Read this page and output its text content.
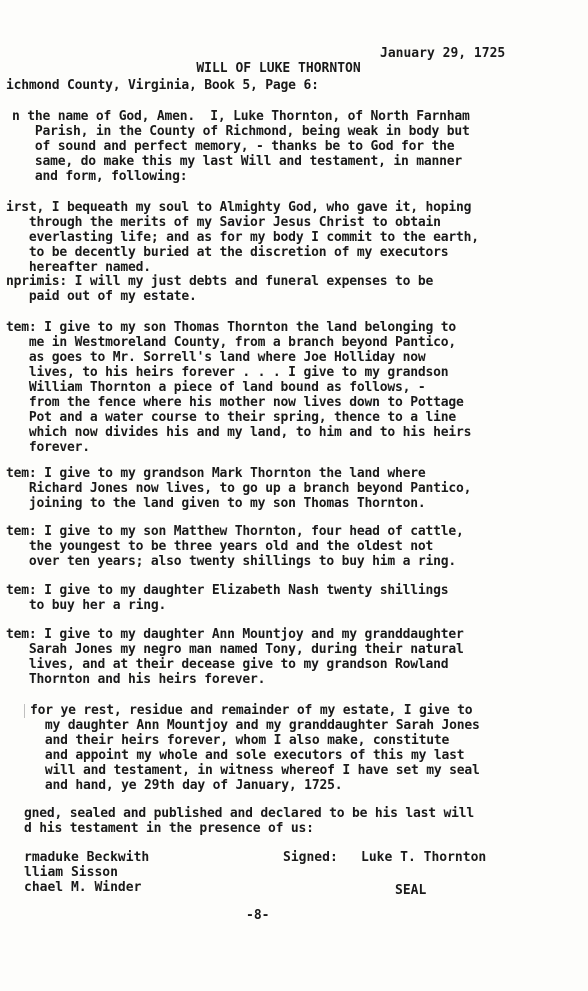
WILL OF LUKE THORNTON

January 29, 1725

ichmond County, Virginia, Book 5, Page 6:
n the name of God, Amen.  I, Luke Thornton, of North Farnham
Parish, in the County of Richmond, being weak in body but
of sound and perfect memory, - thanks be to God for the
same, do make this my last Will and testament, in manner
and form, following:
irst, I bequeath my soul to Almighty God, who gave it, hoping
through the merits of my Savior Jesus Christ to obtain
everlasting life; and as for my body I commit to the earth,
to be decently buried at the discretion of my executors
hereafter named.
nprimis: I will my just debts and funeral expenses to be
paid out of my estate.
tem: I give to my son Thomas Thornton the land belonging to
me in Westmoreland County, from a branch beyond Pantico,
as goes to Mr. Sorrell's land where Joe Holliday now
lives, to his heirs forever . . . I give to my grandson
William Thornton a piece of land bound as follows, -
from the fence where his mother now lives down to Pottage
Pot and a water course to their spring, thence to a line
which now divides his and my land, to him and to his heirs
forever.
tem: I give to my grandson Mark Thornton the land where
Richard Jones now lives, to go up a branch beyond Pantico,
joining to the land given to my son Thomas Thornton.
tem: I give to my son Matthew Thornton, four head of cattle,
the youngest to be three years old and the oldest not
over ten years; also twenty shillings to buy him a ring.
tem: I give to my daughter Elizabeth Nash twenty shillings
to buy her a ring.
tem: I give to my daughter Ann Mountjoy and my granddaughter
Sarah Jones my negro man named Tony, during their natural
lives, and at their decease give to my grandson Rowland
Thornton and his heirs forever.
for ye rest, residue and remainder of my estate, I give to
my daughter Ann Mountjoy and my granddaughter Sarah Jones
and their heirs forever, whom I also make, constitute
and appoint my whole and sole executors of this my last
will and testament, in witness whereof I have set my seal
and hand, ye 29th day of January, 1725.
gned, sealed and published and declared to be his last will
d his testament in the presence of us:
rmaduke Beckwith
lliam Sisson
chael M. Winder
Signed: Luke T. Thornton
SEAL
-8-
